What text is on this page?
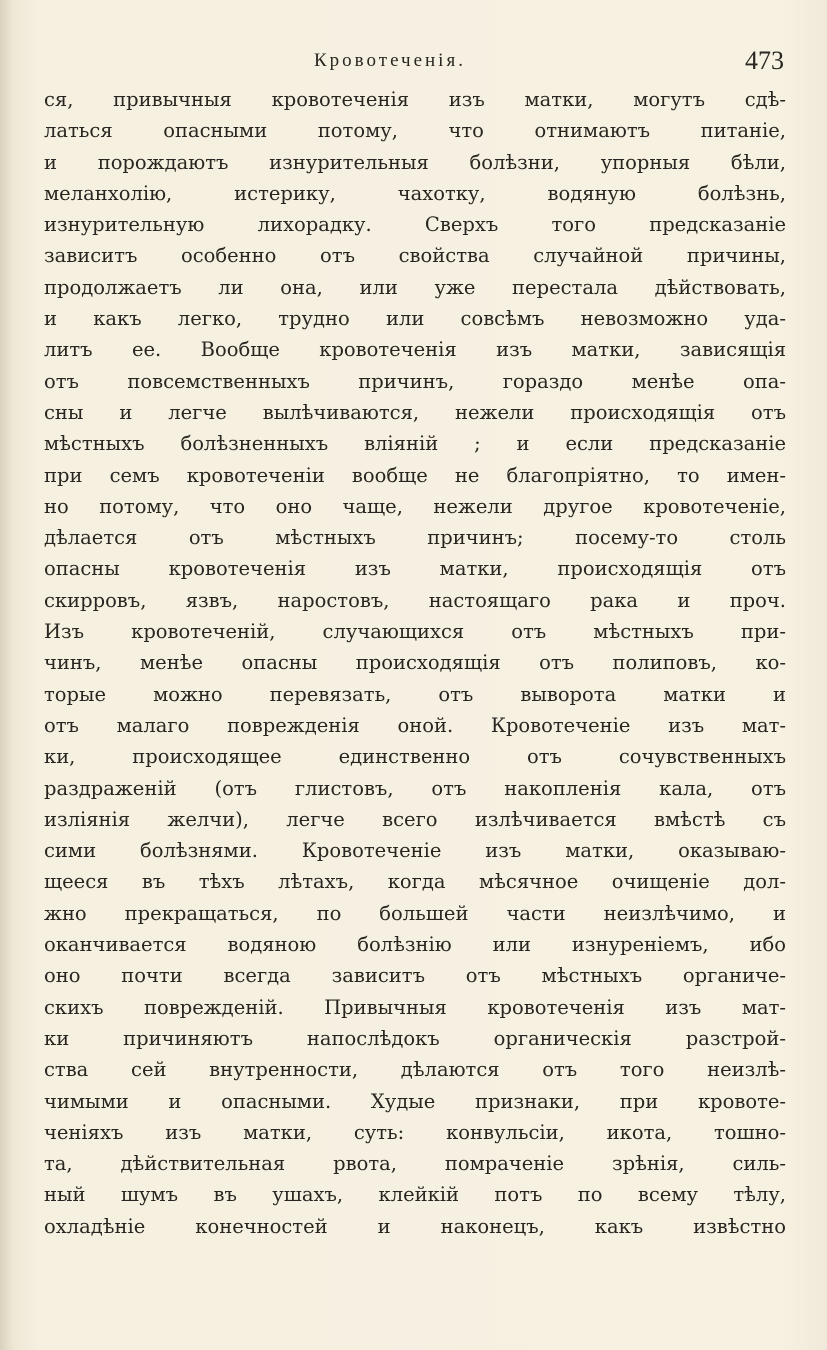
Кровотеченія.	473
ся, привычныя кровотеченія изъ матки, могутъ сдѣ-
латься опасными потому, что отнимаютъ питаніе,
и порождаютъ изнурительныя болѣзни, упорныя бѣли,
меланхолію, истерику, чахотку, водяную болѣзнь,
изнурительную лихорадку. Сверхъ того предсказаніе
зависитъ особенно отъ свойства случайной причины,
продолжаетъ ли она, или уже перестала дѣйствовать,
и какъ легко, трудно или совсѣмъ невозможно уда-
литъ ее. Вообще кровотеченія изъ матки, зависящія
отъ повсемственныхъ причинъ, гораздо менѣе опа-
сны и легче вылѣчиваются, нежели происходящія отъ
мѣстныхъ болѣзненныхъ вліяній ; и если предсказаніе
при семъ кровотеченіи вообще не благопріятно, то имен-
но потому, что оно чаще, нежели другое кровотеченіе,
дѣлается отъ мѣстныхъ причинъ; посему-то столь
опасны кровотеченія изъ матки, происходящія отъ
скирровъ, язвъ, наростовъ, настоящаго рака и проч.
Изъ кровотеченій, случающихся отъ мѣстныхъ при-
чинъ, менѣе опасны происходящія отъ полиповъ, ко-
торые можно перевязать, отъ выворота матки и
отъ малаго поврежденія оной. Кровотеченіе изъ мат-
ки, происходящее единственно отъ сочувственныхъ
раздраженій (отъ глистовъ, отъ накопленія кала, отъ
изліянія желчи), легче всего излѣчивается вмѣстѣ съ
сими болѣзнями. Кровотеченіе изъ матки, оказываю-
щееся въ тѣхъ лѣтахъ, когда мѣсячное очищеніе дол-
жно прекращаться, по большей части неизлѣчимо, и
оканчивается водяною болѣзнію или изнуреніемъ, ибо
оно почти всегда зависитъ отъ мѣстныхъ органиче-
скихъ поврежденій. Привычныя кровотеченія изъ мат-
ки причиняютъ напослѣдокъ органическія разстрой-
ства сей внутренности, дѣлаются отъ того неизлѣ-
чимыми и опасными. Худые признаки, при кровоте-
ченіяхъ изъ матки, суть: конвульсіи, икота, тошно-
та, дѣйствительная рвота, помраченіе зрѣнія, силь-
ный шумъ въ ушахъ, клейкій потъ по всему тѣлу,
охладѣніе конечностей и наконецъ, какъ извѣстно
